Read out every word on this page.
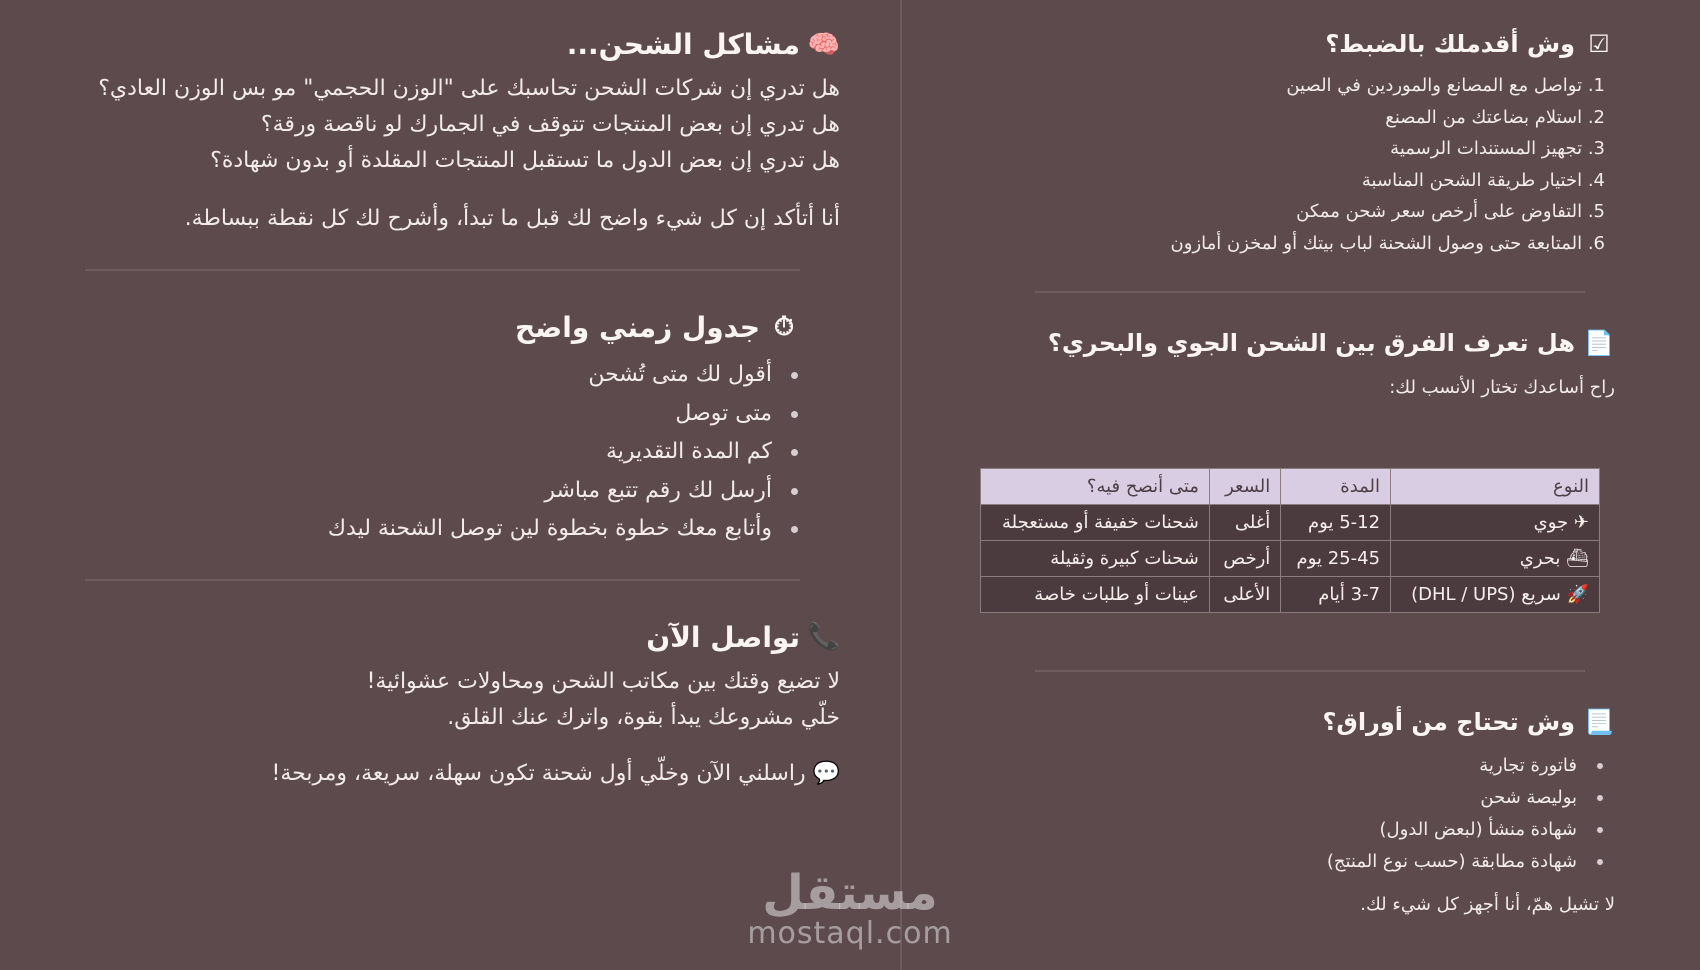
🧠
مشاكل الشحن...

هل تدري إن شركات الشحن تحاسبك على "الوزن الحجمي" مو بس الوزن العادي؟

هل تدري إن بعض المنتجات تتوقف في الجمارك لو ناقصة ورقة؟

هل تدري إن بعض الدول ما تستقبل المنتجات المقلدة أو بدون شهادة؟

أنا أتأكد إن كل شيء واضح لك قبل ما تبدأ، وأشرح لك كل نقطة ببساطة.

⏱
جدول زمني واضح
أقول لك متى تُشحن
متى توصل
كم المدة التقديرية
أرسل لك رقم تتبع مباشر
وأتابع معك خطوة بخطوة لين توصل الشحنة ليدك
📞
تواصل الآن

لا تضيع وقتك بين مكاتب الشحن ومحاولات عشوائية!

خلّي مشروعك يبدأ بقوة، واترك عنك القلق.

💬 راسلني الآن وخلّي أول شحنة تكون سهلة، سريعة، ومربحة!

☑
وش أقدملك بالضبط؟
1. تواصل مع المصانع والموردين في الصين
2. استلام بضاعتك من المصنع
3. تجهيز المستندات الرسمية
4. اختيار طريقة الشحن المناسبة
5. التفاوض على أرخص سعر شحن ممكن
6. المتابعة حتى وصول الشحنة لباب بيتك أو لمخزن أمازون
📄
هل تعرف الفرق بين الشحن الجوي والبحري؟

راح أساعدك تختار الأنسب لك:

📃
وش تحتاج من أوراق؟
فاتورة تجارية
بوليصة شحن
شهادة منشأ (لبعض الدول)
شهادة مطابقة (حسب نوع المنتج)

لا تشيل همّ، أنا أجهز كل شيء لك.

النوع	المدة	السعر	متى أنصح فيه؟
✈ جوي	5-12 يوم	أغلى	شحنات خفيفة أو مستعجلة
⛴ بحري	25-45 يوم	أرخص	شحنات كبيرة وثقيلة
🚀 سريع (DHL / UPS)	3-7 أيام	الأعلى	عينات أو طلبات خاصة
مستقل
mostaql.com
